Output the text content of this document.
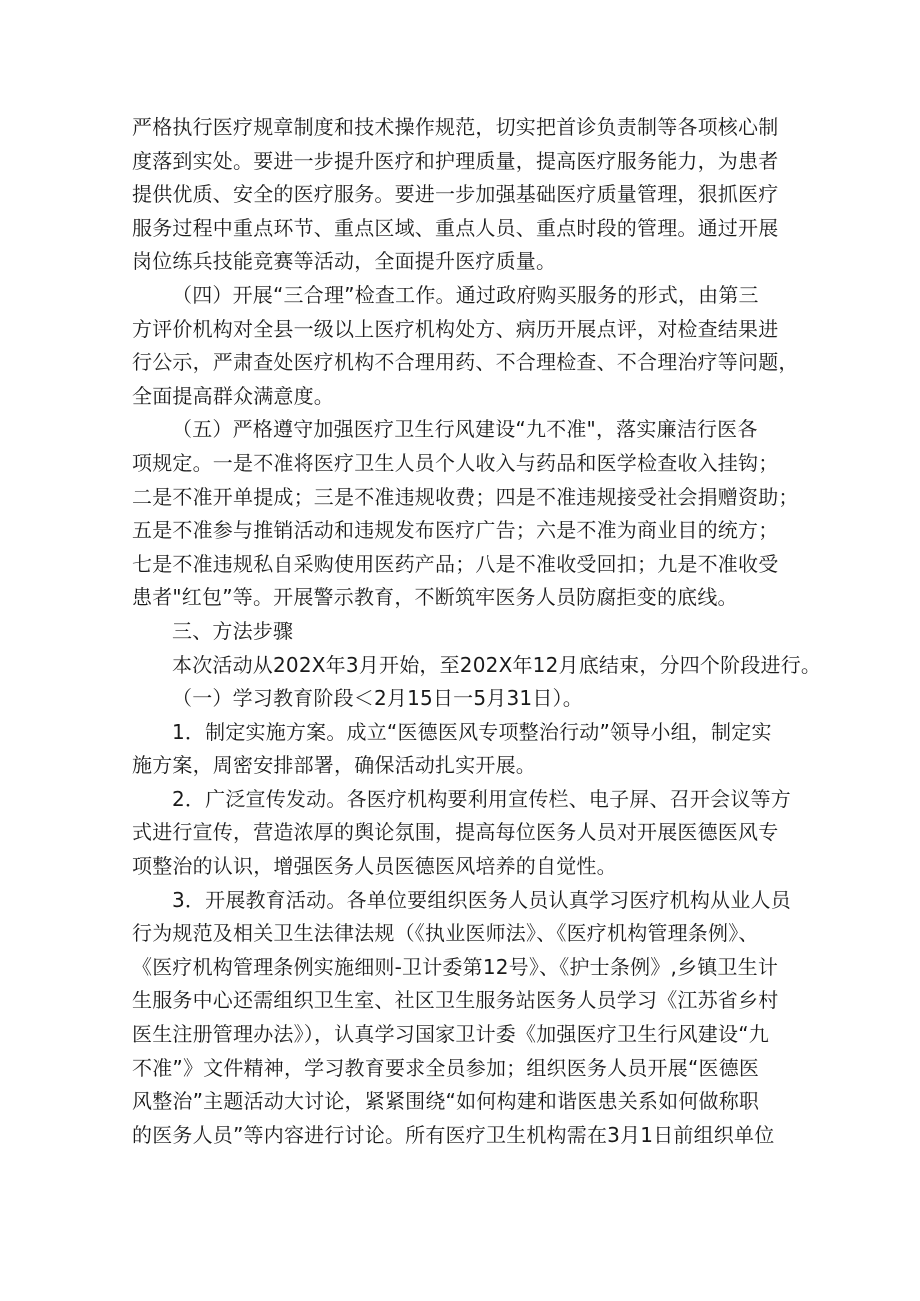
严格执行医疗规章制度和技术操作规范，切实把首诊负责制等各项核心制
度落到实处。要进一步提升医疗和护理质量，提高医疗服务能力，为患者
提供优质、安全的医疗服务。要进一步加强基础医疗质量管理，狠抓医疗
服务过程中重点环节、重点区域、重点人员、重点时段的管理。通过开展
岗位练兵技能竞赛等活动，全面提升医疗质量。
（四）开展“三合理”检查工作。通过政府购买服务的形式，由第三
方评价机构对全县一级以上医疗机构处方、病历开展点评，对检查结果进
行公示，严肃查处医疗机构不合理用药、不合理检查、不合理治疗等问题，
全面提高群众满意度。
（五）严格遵守加强医疗卫生行风建设“九不准"，落实廉洁行医各
项规定。一是不准将医疗卫生人员个人收入与药品和医学检查收入挂钩；
二是不准开单提成；三是不准违规收费；四是不准违规接受社会捐赠资助；
五是不准参与推销活动和违规发布医疗广告；六是不准为商业目的统方；
七是不准违规私自采购使用医药产品；八是不准收受回扣；九是不准收受
患者"红包”等。开展警示教育，不断筑牢医务人员防腐拒变的底线。
三、方法步骤
本次活动从202X年3月开始，至202X年12月底结束，分四个阶段进行。
（一）学习教育阶段＜2月15日一5月31日）。
1．制定实施方案。成立“医德医风专项整治行动”领导小组，制定实
施方案，周密安排部署，确保活动扎实开展。
2．广泛宣传发动。各医疗机构要利用宣传栏、电子屏、召开会议等方
式进行宣传，营造浓厚的舆论氛围，提高每位医务人员对开展医德医风专
项整治的认识，增强医务人员医德医风培养的自觉性。
3．开展教育活动。各单位要组织医务人员认真学习医疗机构从业人员
行为规范及相关卫生法律法规（《执业医师法》、《医疗机构管理条例》、
《医疗机构管理条例实施细则-卫计委第12号》、《护士条例》,乡镇卫生计
生服务中心还需组织卫生室、社区卫生服务站医务人员学习《江苏省乡村
医生注册管理办法》），认真学习国家卫计委《加强医疗卫生行风建设“九
不准”》文件精神，学习教育要求全员参加；组织医务人员开展“医德医
风整治”主题活动大讨论，紧紧围绕“如何构建和谐医患关系如何做称职
的医务人员”等内容进行讨论。所有医疗卫生机构需在3月1日前组织单位
